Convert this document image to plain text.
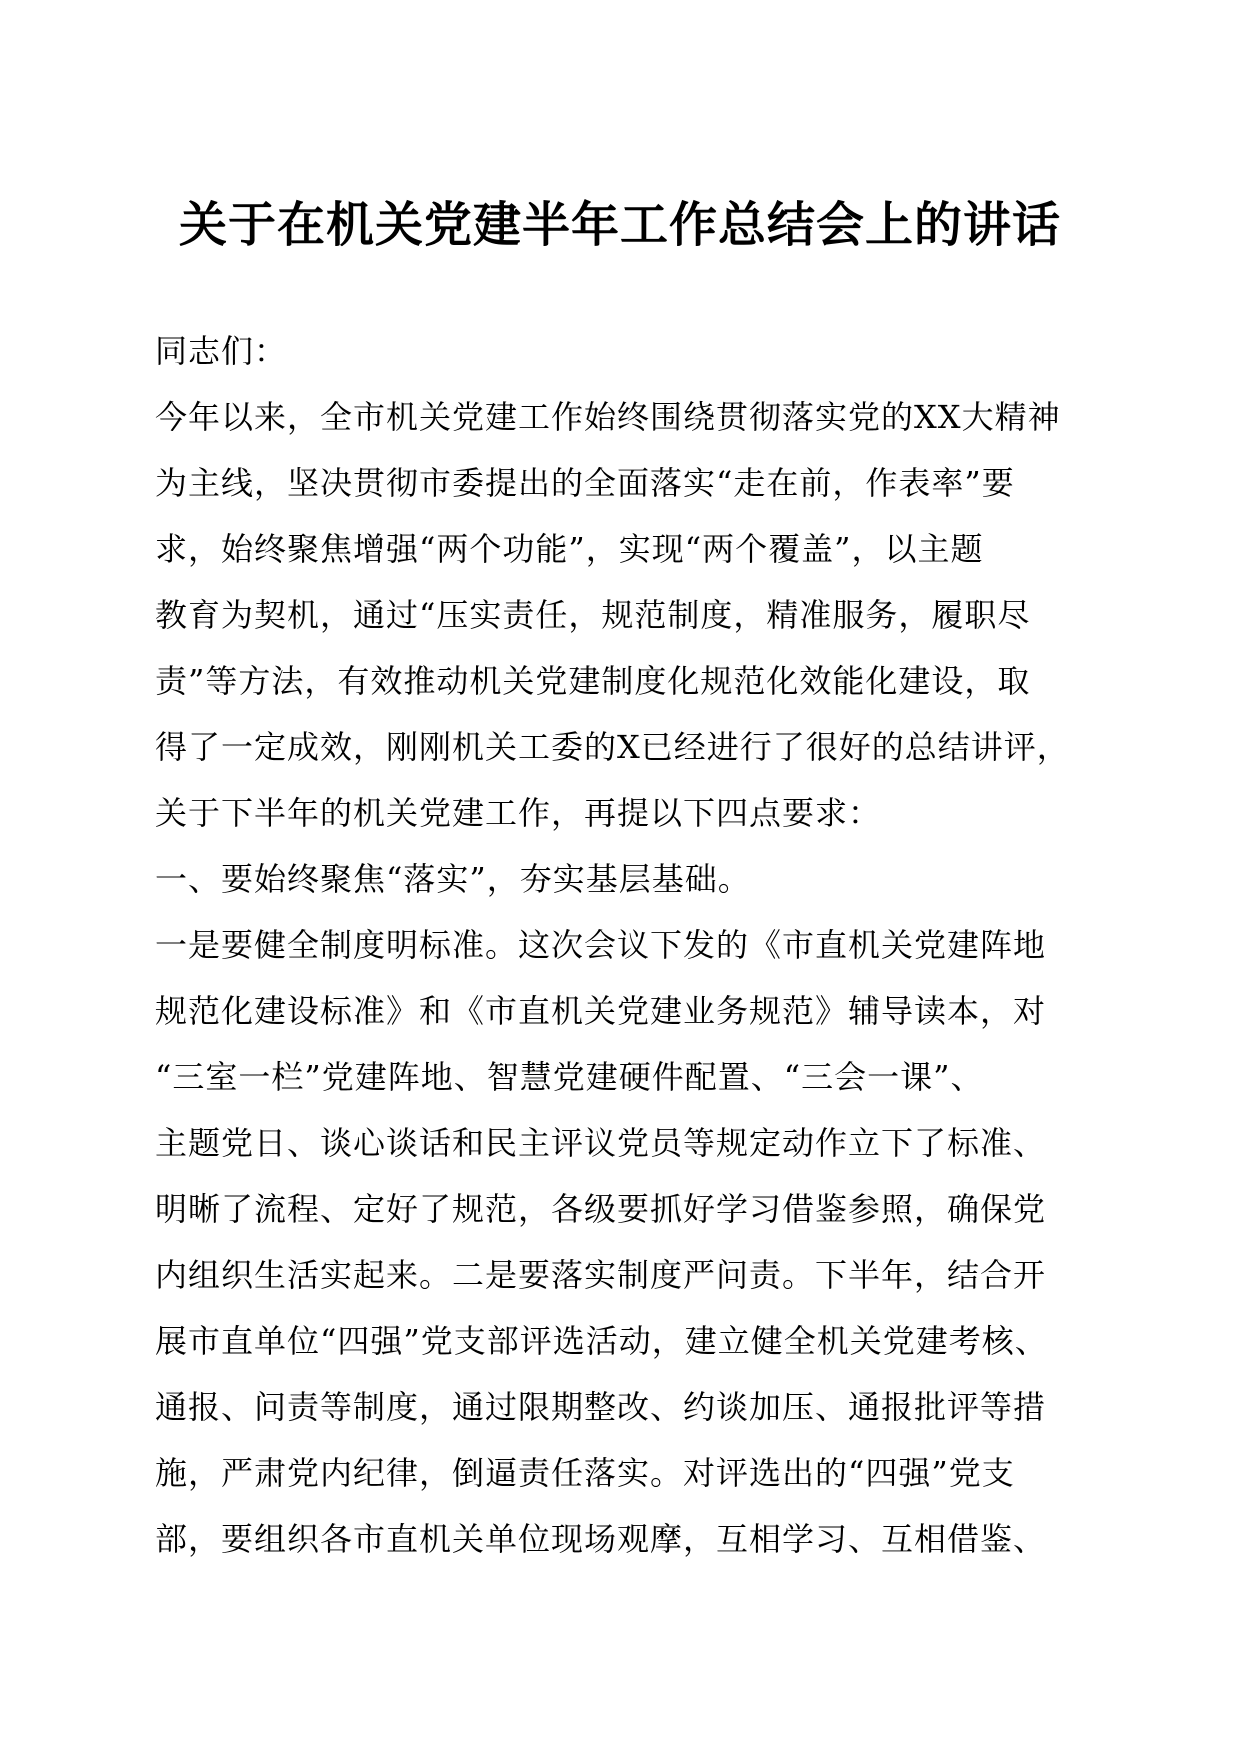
关于在机关党建半年工作总结会上的讲话
同志们：
今年以来，全市机关党建工作始终围绕贯彻落实党的XX大精神
为主线，坚决贯彻市委提出的全面落实“走在前，作表率”要
求，始终聚焦增强“两个功能”，实现“两个覆盖”，以主题
教育为契机，通过“压实责任，规范制度，精准服务，履职尽
责”等方法，有效推动机关党建制度化规范化效能化建设，取
得了一定成效，刚刚机关工委的X已经进行了很好的总结讲评，
关于下半年的机关党建工作，再提以下四点要求：
一、要始终聚焦“落实”，夯实基层基础。
一是要健全制度明标准。这次会议下发的《市直机关党建阵地
规范化建设标准》和《市直机关党建业务规范》辅导读本，对
“三室一栏”党建阵地、智慧党建硬件配置、“三会一课”、
主题党日、谈心谈话和民主评议党员等规定动作立下了标准、
明晰了流程、定好了规范，各级要抓好学习借鉴参照，确保党
内组织生活实起来。二是要落实制度严问责。下半年，结合开
展市直单位“四强”党支部评选活动，建立健全机关党建考核、
通报、问责等制度，通过限期整改、约谈加压、通报批评等措
施，严肃党内纪律，倒逼责任落实。对评选出的“四强”党支
部，要组织各市直机关单位现场观摩，互相学习、互相借鉴、
